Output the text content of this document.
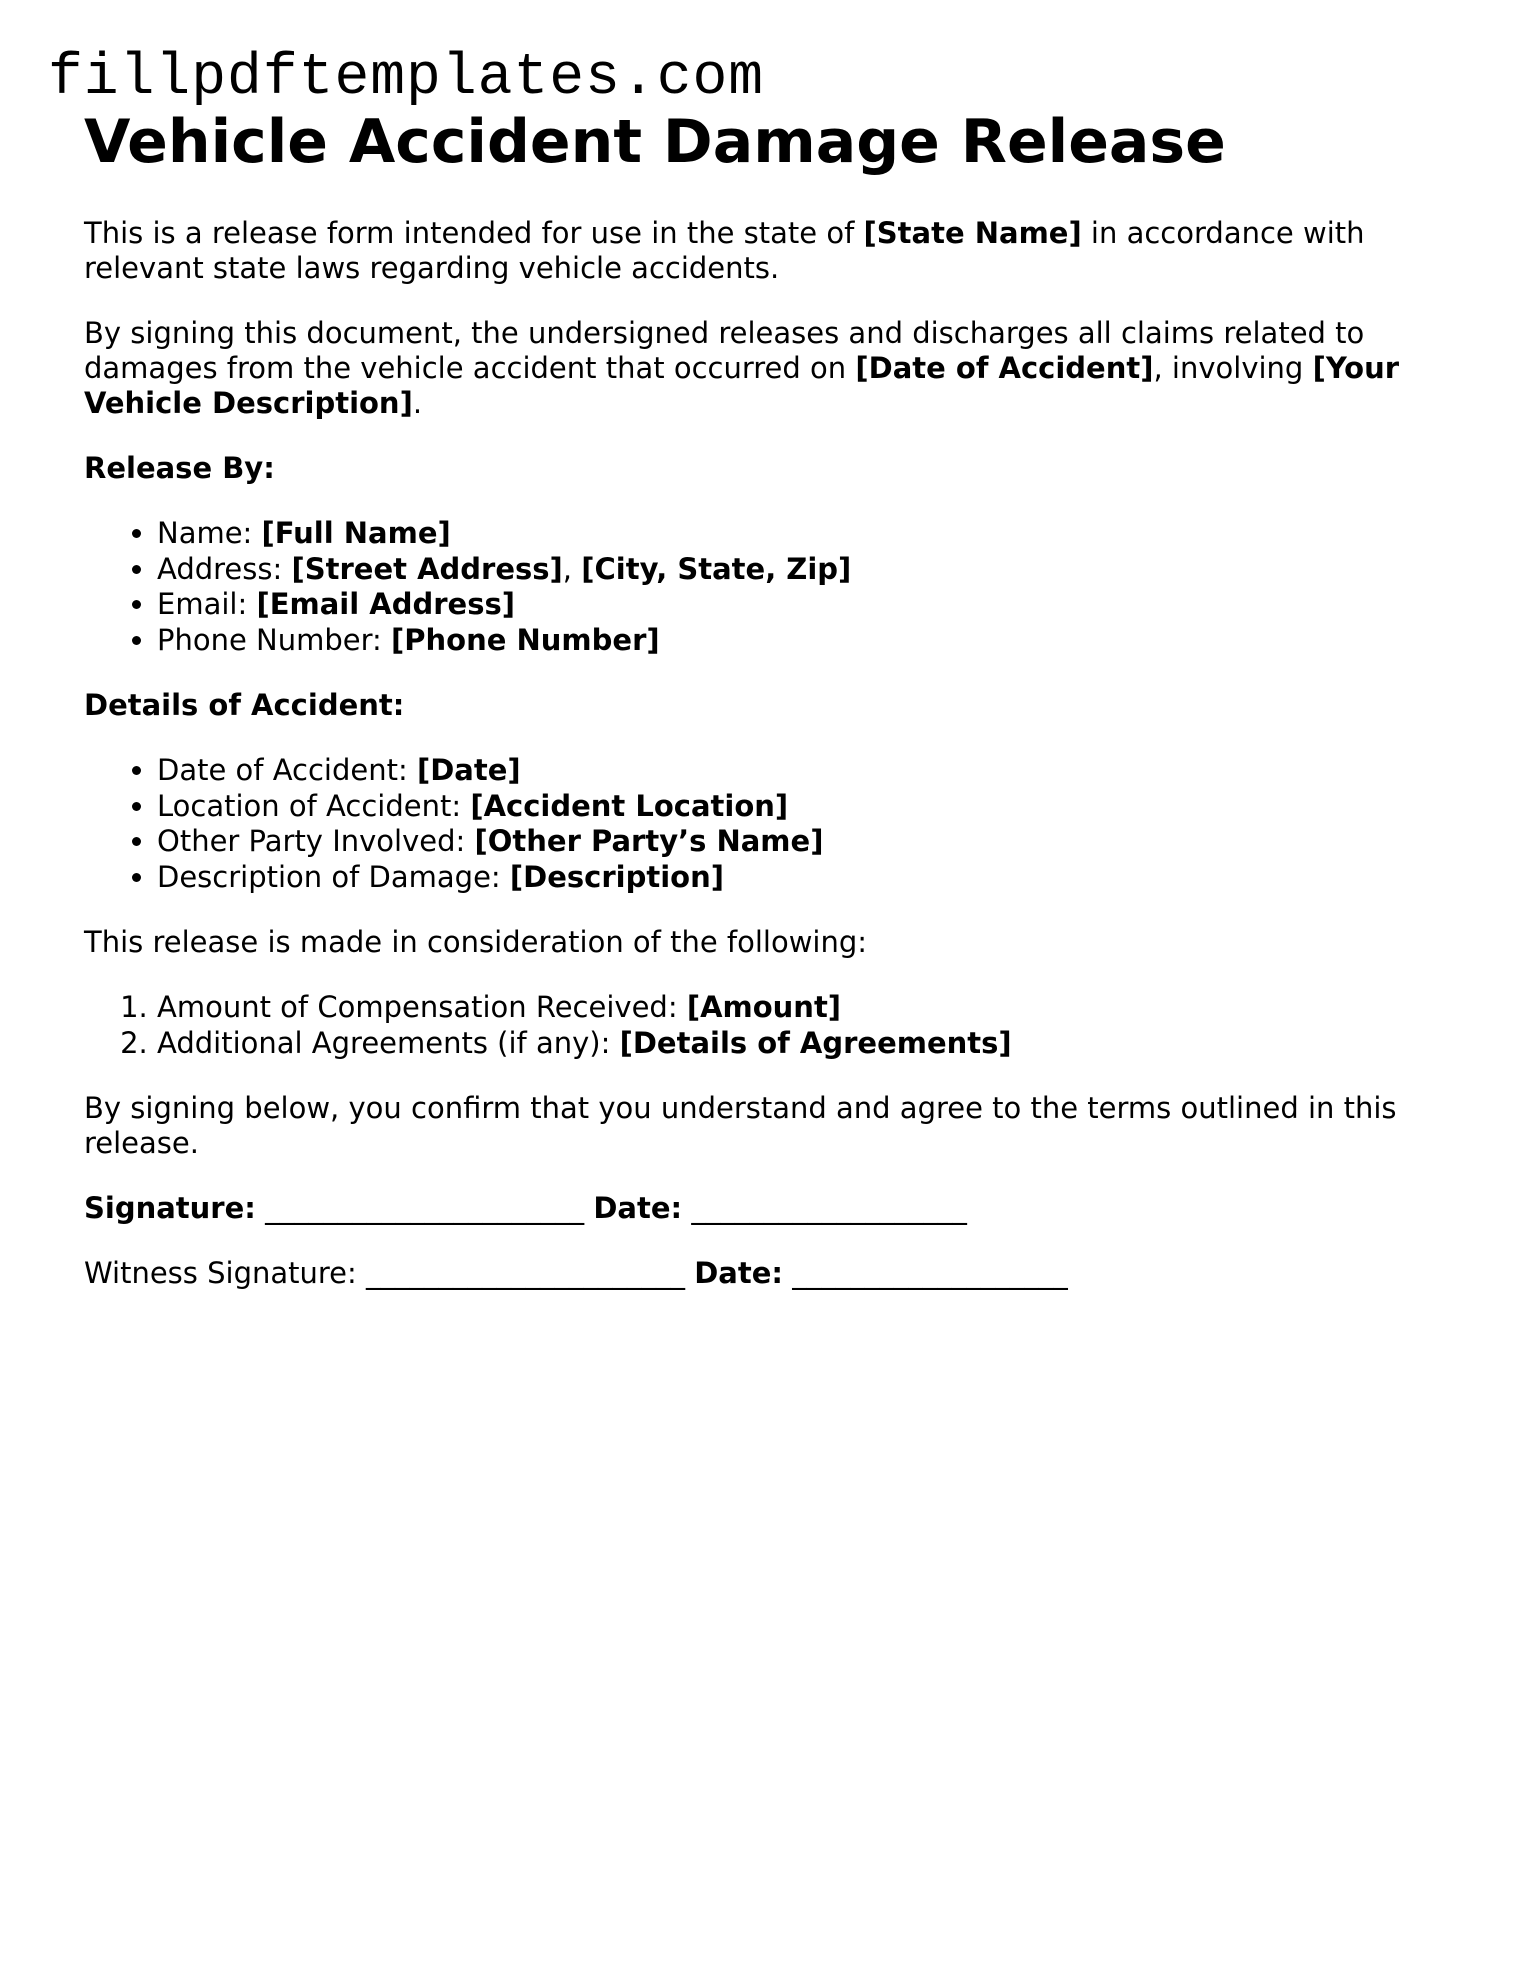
fillpdftemplates.com
Vehicle Accident Damage Release

This is a release form intended for use in the state of [State Name] in accordance with relevant state laws regarding vehicle accidents.

By signing this document, the undersigned releases and discharges all claims related to damages from the vehicle accident that occurred on [Date of Accident], involving [Your Vehicle Description].

Release By:

• Name: [Full Name]
• Address: [Street Address], [City, State, Zip]
• Email: [Email Address]
• Phone Number: [Phone Number]

Details of Accident:

• Date of Accident: [Date]
• Location of Accident: [Accident Location]
• Other Party Involved: [Other Party’s Name]
• Description of Damage: [Description]

This release is made in consideration of the following:

1. Amount of Compensation Received: [Amount]
2. Additional Agreements (if any): [Details of Agreements]

By signing below, you confirm that you understand and agree to the terms outlined in this release.

Signature: ______________________ Date: ___________________

Witness Signature: ______________________ Date: ___________________
